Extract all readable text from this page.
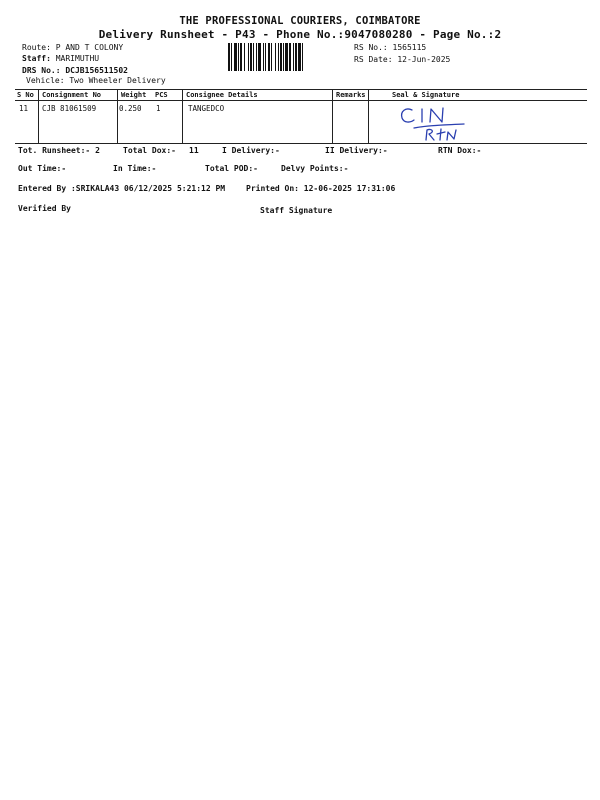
THE PROFESSIONAL COURIERS, COIMBATORE
Delivery Runsheet - P43 - Phone No.:9047080280 - Page No.:2
Route: P AND T COLONY
Staff: MARIMUTHU
DRS No.: DCJB156511502
Vehicle: Two Wheeler Delivery
RS No.: 1565115
RS Date: 12-Jun-2025
S No Consignment No	Weight PCS	Consignee Details	Remarks	Seal & Signature
11 CJB 81061509	0.250 1	TANGEDCO
Tot. Runsheet:- 2	Total Dox:- 11	I Delivery:-	II Delivery:-	RTN Dox:-
Out Time:-	In Time:-	Total POD:-	Delvy Points:-
Entered By :SRIKALA43 06/12/2025 5:21:12 PM	Printed On: 12-06-2025 17:31:06
Verified By	Staff Signature
